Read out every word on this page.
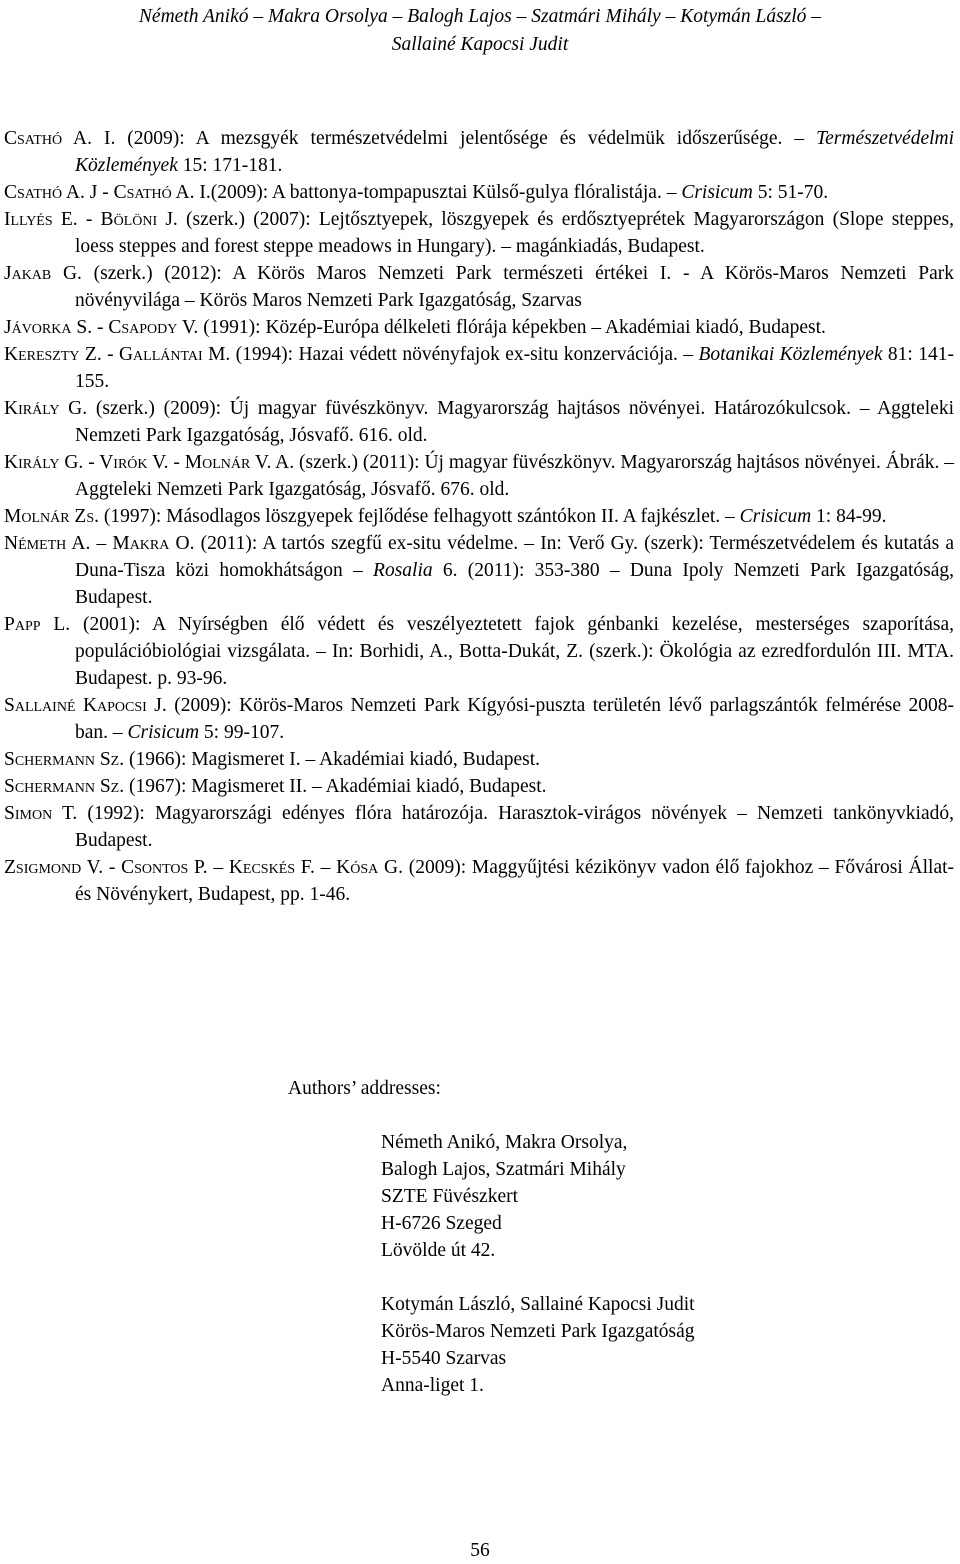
Németh Anikó – Makra Orsolya – Balogh Lajos – Szatmári Mihály – Kotymán László –
Sallainé Kapocsi Judit

Csathó A. I. (2009): A mezsgyék természetvédelmi jelentősége és védelmük időszerűsége. – Természetvédelmi Közlemények 15: 171-181.

Csathó A. J - Csathó A. I.(2009): A battonya-tompapusztai Külső-gulya flóralistája. – Crisicum 5: 51-70.

Illyés E. - Bölöni J. (szerk.) (2007): Lejtősztyepek, löszgyepek és erdősztyeprétek Magyarországon (Slope steppes, loess steppes and forest steppe meadows in Hungary). – magánkiadás, Budapest.

Jakab G. (szerk.) (2012): A Körös Maros Nemzeti Park természeti értékei I. - A Körös-Maros Nemzeti Park növényvilága – Körös Maros Nemzeti Park Igazgatóság, Szarvas

Jávorka S. - Csapody V. (1991): Közép-Európa délkeleti flórája képekben – Akadémiai kiadó, Budapest.

Kereszty Z. - Gallántai M. (1994): Hazai védett növényfajok ex-situ konzervációja. – Botanikai Közlemények 81: 141-155.

Király G. (szerk.) (2009): Új magyar füvészkönyv. Magyarország hajtásos növényei. Határozókulcsok. – Aggteleki Nemzeti Park Igazgatóság, Jósvafő. 616. old.

Király G. - Virók V. - Molnár V. A. (szerk.) (2011): Új magyar füvészkönyv. Magyarország hajtásos növényei. Ábrák. – Aggteleki Nemzeti Park Igazgatóság, Jósvafő. 676. old.

Molnár Zs. (1997): Másodlagos löszgyepek fejlődése felhagyott szántókon II. A fajkészlet. – Crisicum 1: 84-99.

Németh A. – Makra O. (2011): A tartós szegfű ex-situ védelme. – In: Verő Gy. (szerk): Természetvédelem és kutatás a Duna-Tisza közi homokhátságon – Rosalia 6. (2011): 353-380 – Duna Ipoly Nemzeti Park Igazgatóság, Budapest.

Papp L. (2001): A Nyírségben élő védett és veszélyeztetett fajok génbanki kezelése, mesterséges szaporítása, populációbiológiai vizsgálata. – In: Borhidi, A., Botta-Dukát, Z. (szerk.): Ökológia az ezredfordulón III. MTA. Budapest. p. 93-96.

Sallainé Kapocsi J. (2009): Körös-Maros Nemzeti Park Kígyósi-puszta területén lévő parlagszántók felmérése 2008-ban. – Crisicum 5: 99-107.

Schermann Sz. (1966): Magismeret I. – Akadémiai kiadó, Budapest.

Schermann Sz. (1967): Magismeret II. – Akadémiai kiadó, Budapest.

Simon T. (1992): Magyarországi edényes flóra határozója. Harasztok-virágos növények – Nemzeti tankönyvkiadó, Budapest.

Zsigmond V. - Csontos P. – Kecskés F. – Kósa G. (2009): Maggyűjtési kézikönyv vadon élő fajokhoz – Fővárosi Állat- és Növénykert, Budapest, pp. 1-46.

Authors’ addresses:
Németh Anikó, Makra Orsolya,
Balogh Lajos, Szatmári Mihály
SZTE Füvészkert
H-6726 Szeged
Lövölde út 42.
Kotymán László, Sallainé Kapocsi Judit
Körös-Maros Nemzeti Park Igazgatóság
H-5540 Szarvas
Anna-liget 1.
56
